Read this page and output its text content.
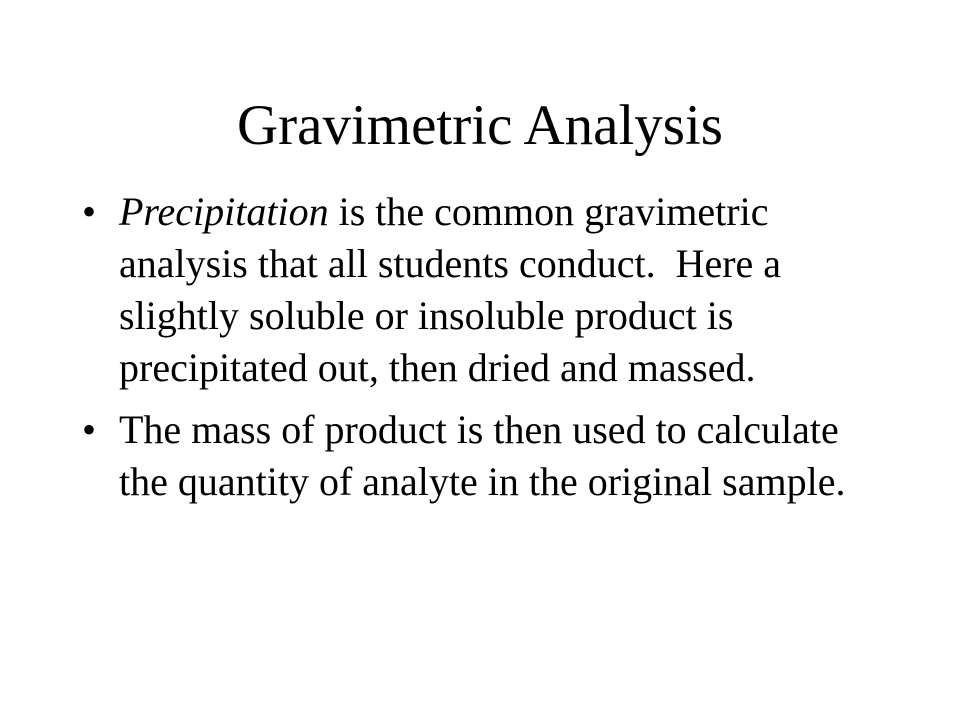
Gravimetric Analysis
• Precipitation is the common gravimetric analysis that all students conduct.  Here a slightly soluble or insoluble product is precipitated out, then dried and massed.
• The mass of product is then used to calculate the quantity of analyte in the original sample.
